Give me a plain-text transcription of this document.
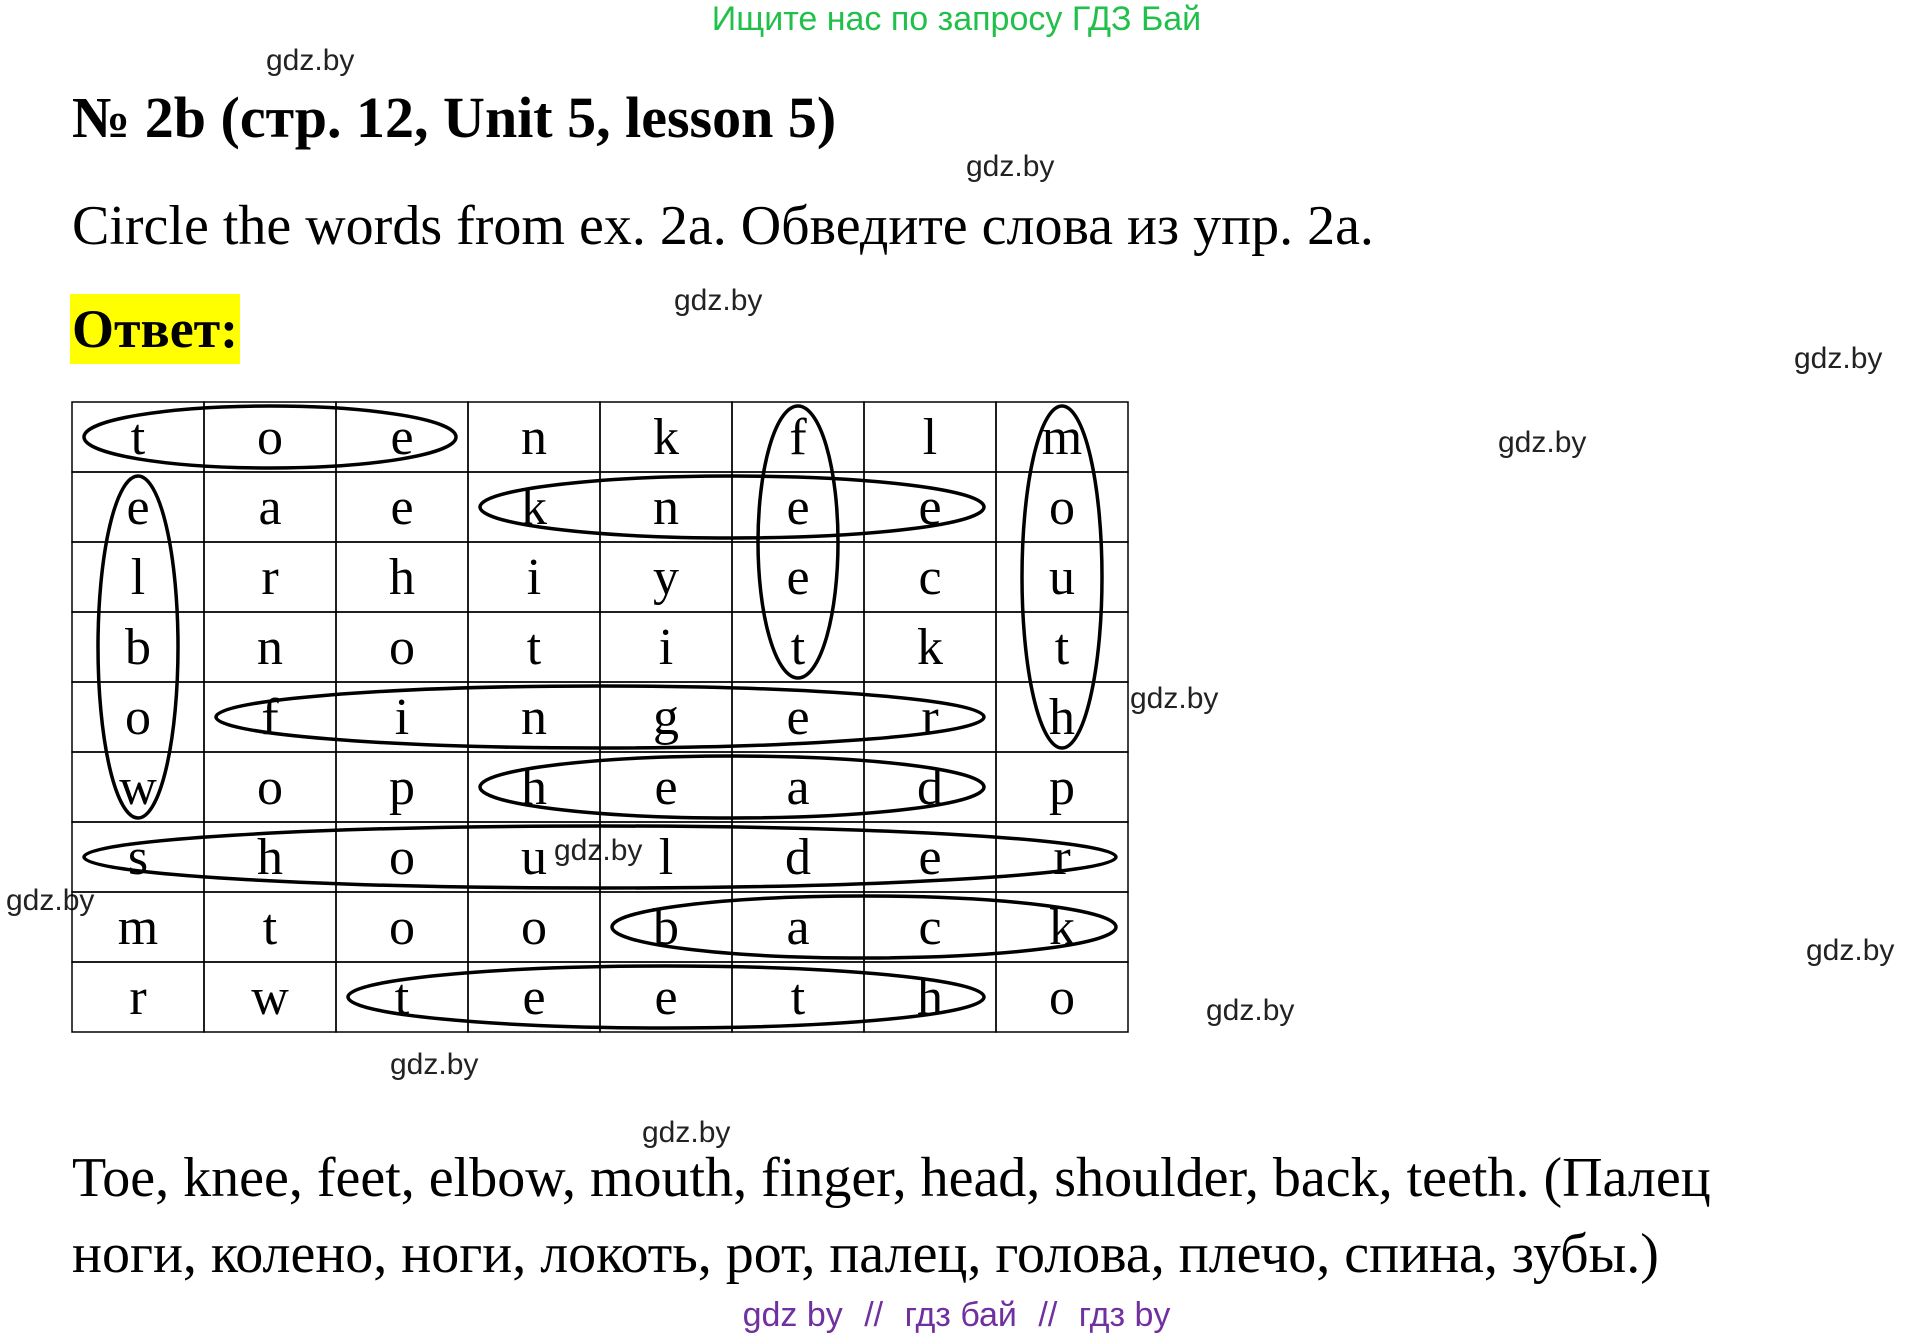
Ищите нас по запросу ГДЗ Бай
gdz.by
gdz.by
gdz.by
gdz.by
gdz.by
gdz.by
gdz.by
gdz.by
gdz.by
gdz.by
gdz.by
gdz.by
№ 2b (стр. 12, Unit 5, lesson 5)

Circle the words from ex. 2a. Обведите слова из упр. 2a.

Ответ:
t o e n k f l m
e a e k n e e o
l r h i y e c u
b n o t i t k t
o f i n g e r h
w o p h e a d p
s h o u l d e r
m t o o b a c k
r w t e e t h o

Toe, knee, feet, elbow, mouth, finger, head, shoulder, back, teeth. (Палец ноги, колено, ноги, локоть, рот, палец, голова, плечо, спина, зубы.)

gdz by // гдз бай // гдз by
